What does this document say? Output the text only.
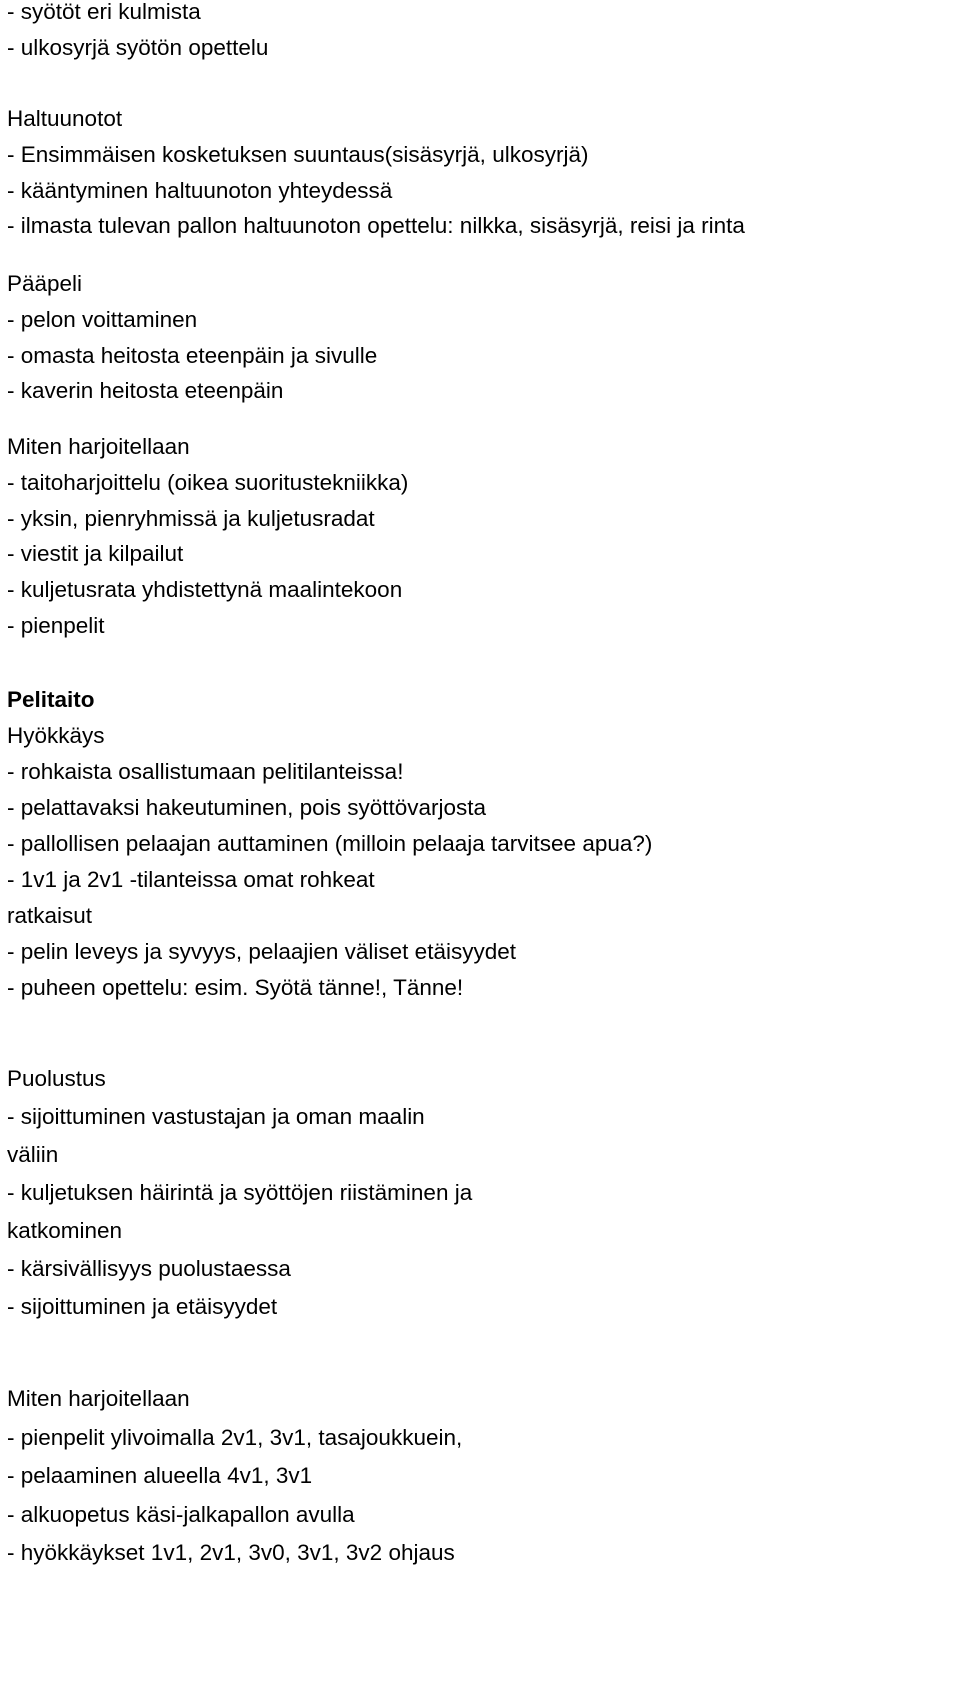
- syötöt eri kulmista

- ulkosyrjä syötön opettelu

Haltuunotot

- Ensimmäisen kosketuksen suuntaus(sisäsyrjä, ulkosyrjä)

- kääntyminen haltuunoton yhteydessä

- ilmasta tulevan pallon haltuunoton opettelu: nilkka, sisäsyrjä, reisi ja rinta

Pääpeli

- pelon voittaminen

- omasta heitosta eteenpäin ja sivulle

- kaverin heitosta eteenpäin

Miten harjoitellaan

- taitoharjoittelu (oikea suoritustekniikka)

- yksin, pienryhmissä ja kuljetusradat

- viestit ja kilpailut

- kuljetusrata yhdistettynä maalintekoon

- pienpelit

Pelitaito

Hyökkäys

- rohkaista osallistumaan pelitilanteissa!

- pelattavaksi hakeutuminen, pois syöttövarjosta

- pallollisen pelaajan auttaminen (milloin pelaaja tarvitsee apua?)

- 1v1 ja 2v1 -tilanteissa omat rohkeat

ratkaisut

- pelin leveys ja syvyys, pelaajien väliset etäisyydet

- puheen opettelu: esim. Syötä tänne!, Tänne!

Puolustus

- sijoittuminen vastustajan ja oman maalin

väliin

- kuljetuksen häirintä ja syöttöjen riistäminen ja

katkominen

- kärsivällisyys puolustaessa

- sijoittuminen ja etäisyydet

Miten harjoitellaan

- pienpelit ylivoimalla 2v1, 3v1, tasajoukkuein,

- pelaaminen alueella 4v1, 3v1

- alkuopetus käsi-jalkapallon avulla

- hyökkäykset 1v1, 2v1, 3v0, 3v1, 3v2 ohjaus
